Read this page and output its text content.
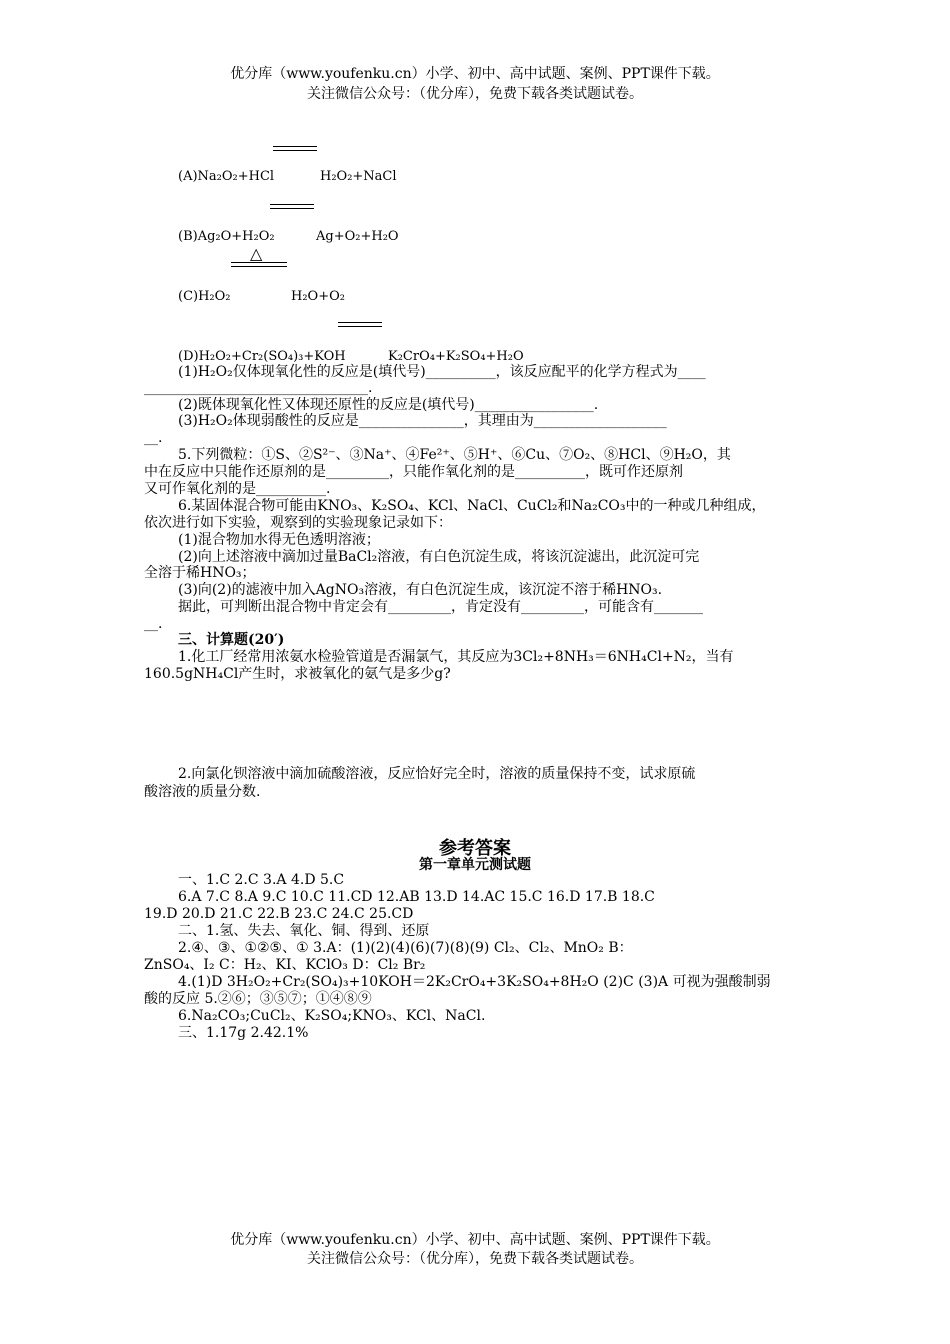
优分库（www.youfenku.cn）小学、初中、高中试题、案例、PPT课件下载。
关注微信公众号：（优分库），免费下载各类试题试卷。
(A)Na₂O₂+HCl	H₂O₂+NaCl
(B)Ag₂O+H₂O₂	Ag+O₂+H₂O
△
(C)H₂O₂	H₂O+O₂
(D)H₂O₂+Cr₂(SO₄)₃+KOH	K₂CrO₄+K₂SO₄+H₂O
(1)H₂O₂仅体现氧化性的反应是(填代号)__________，该反应配平的化学方程式为____
________________________________.
(2)既体现氧化性又体现还原性的反应是(填代号)_________________.
(3)H₂O₂体现弱酸性的反应是_______________，其理由为___________________
__.
5.下列微粒：①S、②S²⁻、③Na⁺、④Fe²⁺、⑤H⁺、⑥Cu、⑦O₂、⑧HCl、⑨H₂O，其
中在反应中只能作还原剂的是_________，只能作氧化剂的是__________，既可作还原剂
又可作氧化剂的是__________.
6.某固体混合物可能由KNO₃、K₂SO₄、KCl、NaCl、CuCl₂和Na₂CO₃中的一种或几种组成，
依次进行如下实验，观察到的实验现象记录如下：
(1)混合物加水得无色透明溶液；
(2)向上述溶液中滴加过量BaCl₂溶液，有白色沉淀生成，将该沉淀滤出，此沉淀可完
全溶于稀HNO₃；
(3)向(2)的滤液中加入AgNO₃溶液，有白色沉淀生成，该沉淀不溶于稀HNO₃.
据此，可判断出混合物中肯定会有_________，肯定没有_________，可能含有_______
__.
三、计算题(20′)
1.化工厂经常用浓氨水检验管道是否漏氯气，其反应为3Cl₂+8NH₃＝6NH₄Cl+N₂，当有
160.5gNH₄Cl产生时，求被氧化的氨气是多少g?
2.向氯化钡溶液中滴加硫酸溶液，反应恰好完全时，溶液的质量保持不变，试求原硫
酸溶液的质量分数.
参考答案
第一章单元测试题
一、1.C 2.C 3.A 4.D 5.C
6.A 7.C 8.A 9.C 10.C 11.CD 12.AB 13.D 14.AC 15.C 16.D 17.B 18.C
19.D 20.D 21.C 22.B 23.C 24.C 25.CD
二、1.氢、失去、氧化、铜、得到、还原
2.④、③、①②⑤、① 3.A：(1)(2)(4)(6)(7)(8)(9) Cl₂、Cl₂、MnO₂ B：
ZnSO₄、I₂ C：H₂、KI、KClO₃ D：Cl₂ Br₂
4.(1)D 3H₂O₂+Cr₂(SO₄)₃+10KOH＝2K₂CrO₄+3K₂SO₄+8H₂O (2)C (3)A 可视为强酸制弱
酸的反应 5.②⑥；③⑤⑦；①④⑧⑨
6.Na₂CO₃;CuCl₂、K₂SO₄;KNO₃、KCl、NaCl.
三、1.17g 2.42.1%
优分库（www.youfenku.cn）小学、初中、高中试题、案例、PPT课件下载。
关注微信公众号：（优分库），免费下载各类试题试卷。
